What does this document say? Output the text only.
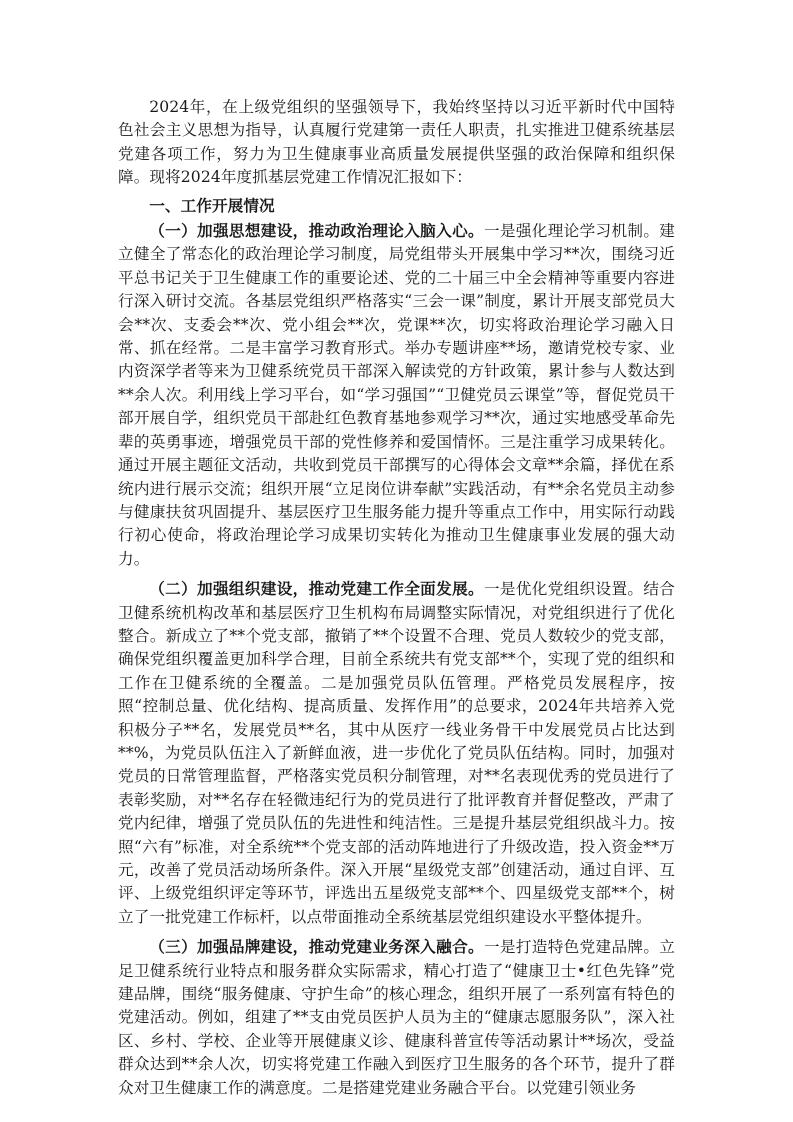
2024年，在上级党组织的坚强领导下，我始终坚持以习近平新时代中国特色社会主义思想为指导，认真履行党建第一责任人职责，扎实推进卫健系统基层党建各项工作，努力为卫生健康事业高质量发展提供坚强的政治保障和组织保障。现将2024年度抓基层党建工作情况汇报如下：

一、工作开展情况

（一）加强思想建设，推动政治理论入脑入心。一是强化理论学习机制。建立健全了常态化的政治理论学习制度，局党组带头开展集中学习**次，围绕习近平总书记关于卫生健康工作的重要论述、党的二十届三中全会精神等重要内容进行深入研讨交流。各基层党组织严格落实“三会一课”制度，累计开展支部党员大会**次、支委会**次、党小组会**次，党课**次，切实将政治理论学习融入日常、抓在经常。二是丰富学习教育形式。举办专题讲座**场，邀请党校专家、业内资深学者等来为卫健系统党员干部深入解读党的方针政策，累计参与人数达到**余人次。利用线上学习平台，如“学习强国”“卫健党员云课堂”等，督促党员干部开展自学，组织党员干部赴红色教育基地参观学习**次，通过实地感受革命先辈的英勇事迹，增强党员干部的党性修养和爱国情怀。三是注重学习成果转化。通过开展主题征文活动，共收到党员干部撰写的心得体会文章**余篇，择优在系统内进行展示交流；组织开展“立足岗位讲奉献”实践活动，有**余名党员主动参与健康扶贫巩固提升、基层医疗卫生服务能力提升等重点工作中，用实际行动践行初心使命，将政治理论学习成果切实转化为推动卫生健康事业发展的强大动力。

（二）加强组织建设，推动党建工作全面发展。一是优化党组织设置。结合卫健系统机构改革和基层医疗卫生机构布局调整实际情况，对党组织进行了优化整合。新成立了**个党支部，撤销了**个设置不合理、党员人数较少的党支部，确保党组织覆盖更加科学合理，目前全系统共有党支部**个，实现了党的组织和工作在卫健系统的全覆盖。二是加强党员队伍管理。严格党员发展程序，按照“控制总量、优化结构、提高质量、发挥作用”的总要求，2024年共培养入党积极分子**名，发展党员**名，其中从医疗一线业务骨干中发展党员占比达到**%，为党员队伍注入了新鲜血液，进一步优化了党员队伍结构。同时，加强对党员的日常管理监督，严格落实党员积分制管理，对**名表现优秀的党员进行了表彰奖励，对**名存在轻微违纪行为的党员进行了批评教育并督促整改，严肃了党内纪律，增强了党员队伍的先进性和纯洁性。三是提升基层党组织战斗力。按照“六有”标准，对全系统**个党支部的活动阵地进行了升级改造，投入资金**万元，改善了党员活动场所条件。深入开展“星级党支部”创建活动，通过自评、互评、上级党组织评定等环节，评选出五星级党支部**个、四星级党支部**个，树立了一批党建工作标杆，以点带面推动全系统基层党组织建设水平整体提升。

（三）加强品牌建设，推动党建业务深入融合。一是打造特色党建品牌。立足卫健系统行业特点和服务群众实际需求，精心打造了“健康卫士•红色先锋”党建品牌，围绕“服务健康、守护生命”的核心理念，组织开展了一系列富有特色的党建活动。例如，组建了**支由党员医护人员为主的“健康志愿服务队”，深入社区、乡村、学校、企业等开展健康义诊、健康科普宣传等活动累计**场次，受益群众达到**余人次，切实将党建工作融入到医疗卫生服务的各个环节，提升了群众对卫生健康工作的满意度。二是搭建党建业务融合平台。以党建引领业务
